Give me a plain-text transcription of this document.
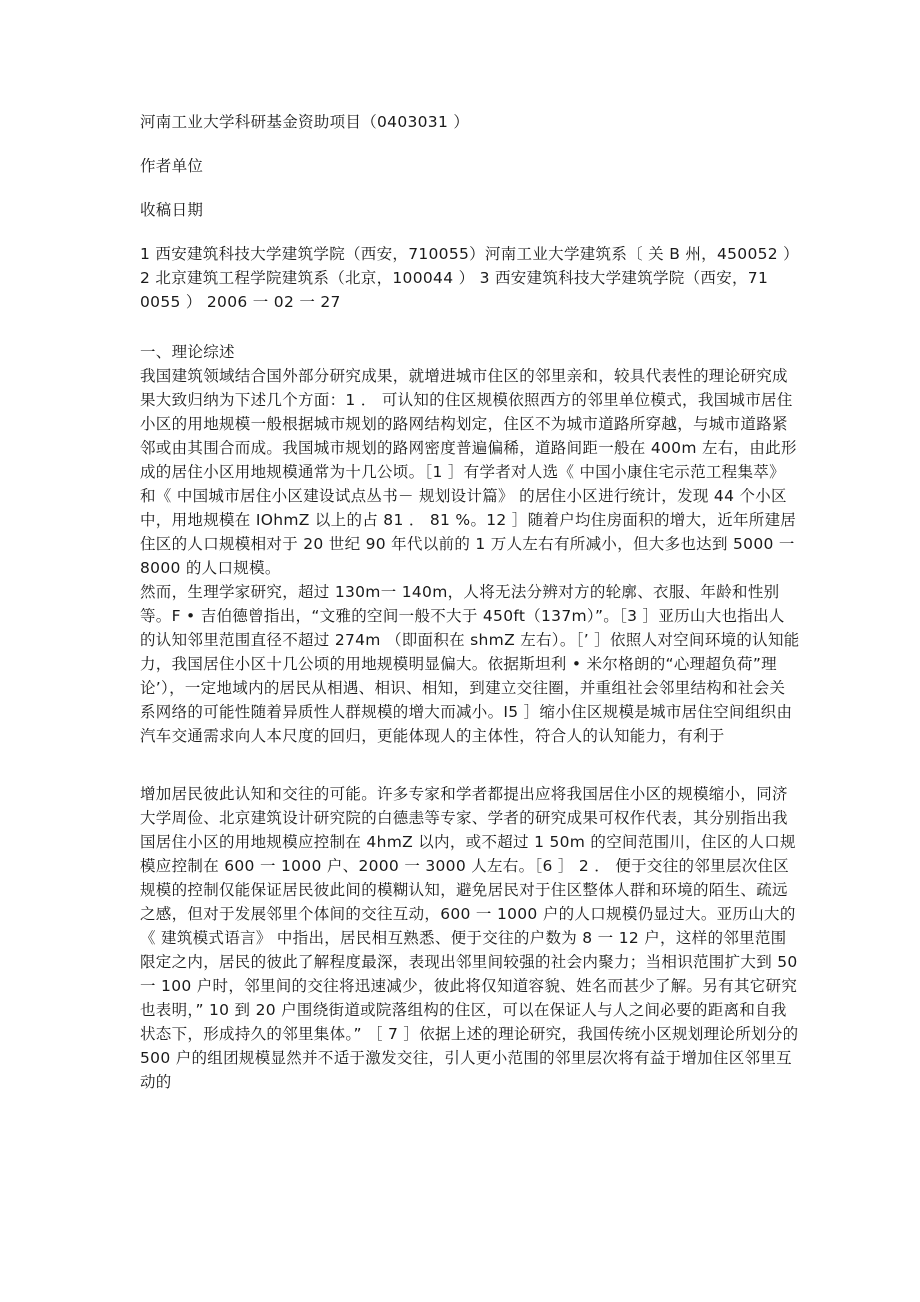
河南工业大学科研基金资助项目（0403031 ）

作者单位

收稿日期

1 西安建筑科技大学建筑学院（西安，710055）河南工业大学建筑系〔 关 B 州，450052 ） 2 北京建筑工程学院建筑系（北京，100044 ） 3 西安建筑科技大学建筑学院（西安，71 0055 ） 2006 一 02 一 27

一、理论综述

我国建筑领域结合国外部分研究成果，就增进城市住区的邻里亲和，较具代表性的理论研究成果大致归纳为下述几个方面：1 ． 可认知的住区规模依照西方的邻里单位模式，我国城市居住小区的用地规模一般根据城市规划的路网结构划定，住区不为城市道路所穿越，与城市道路紧邻或由其围合而成。我国城市规划的路网密度普遍偏稀，道路间距一般在 400m 左右，由此形成的居住小区用地规模通常为十几公顷。［1 ］有学者对人选《 中国小康住宅示范工程集萃》 和《 中国城市居住小区建设试点丛书－ 规划设计篇》 的居住小区进行统计，发现 44 个小区中，用地规模在 IOhmZ 以上的占 81 ． 81 %。12 ］随着户均住房面积的增大，近年所建居住区的人口规模相对于 20 世纪 90 年代以前的 1 万人左右有所减小，但大多也达到 5000 一 8000 的人口规模。

然而，生理学家研究，超过 130m一 140m，人将无法分辨对方的轮廓、衣服、年龄和性别等。F • 吉伯德曾指出，“文雅的空间一般不大于 450ft（137m）”。［3 ］亚历山大也指出人的认知邻里范围直径不超过 274m （即面积在 shmZ 左右）。［’ ］依照人对空间环境的认知能力，我国居住小区十几公顷的用地规模明显偏大。依据斯坦利 • 米尔格朗的“心理超负荷”理论’），一定地域内的居民从相遇、相识、相知，到建立交往圈，并重组社会邻里结构和社会关系网络的可能性随着异质性人群规模的增大而减小。I5 ］缩小住区规模是城市居住空间组织由汽车交通需求向人本尺度的回归，更能体现人的主体性，符合人的认知能力，有利于

增加居民彼此认知和交往的可能。许多专家和学者都提出应将我国居住小区的规模缩小，同济大学周俭、北京建筑设计研究院的白德恚等专家、学者的研究成果可权作代表，其分别指出我国居住小区的用地规模应控制在 4hmZ 以内，或不超过 1 50m 的空间范围川，住区的人口规模应控制在 600 一 1000 户、2000 一 3000 人左右。［6 ］ 2 ． 便于交往的邻里层次住区规模的控制仅能保证居民彼此间的模糊认知，避免居民对于住区整体人群和环境的陌生、疏远之感，但对于发展邻里个体间的交往互动，600 一 1000 户的人口规模仍显过大。亚历山大的《 建筑模式语言》 中指出，居民相互熟悉、便于交往的户数为 8 一 12 户，这样的邻里范围限定之内，居民的彼此了解程度最深，表现出邻里间较强的社会内聚力；当相识范围扩大到 50 一 100 户时，邻里间的交往将迅速减少，彼此将仅知道容貌、姓名而甚少了解。另有其它研究也表明，” 10 到 20 户围绕街道或院落组构的住区，可以在保证人与人之间必要的距离和自我状态下，形成持久的邻里集体。” ［ 7 ］依据上述的理论研究，我国传统小区规划理论所划分的 500 户的组团规模显然并不适于激发交往，引人更小范围的邻里层次将有益于增加住区邻里互动的
